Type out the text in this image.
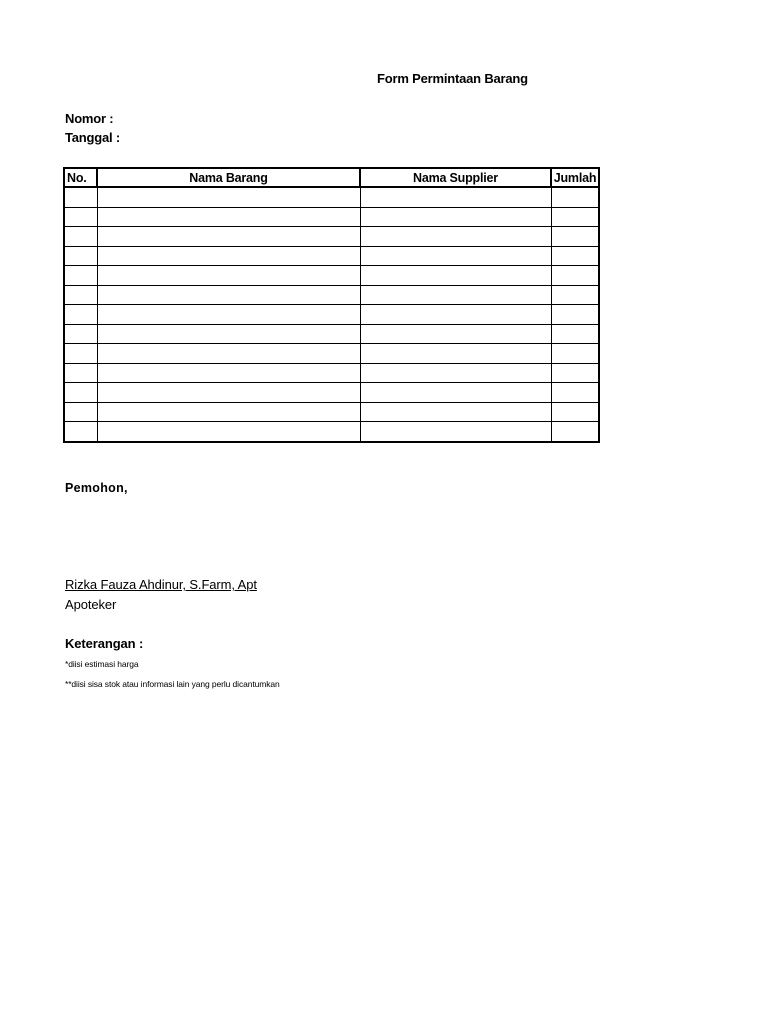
Form Permintaan Barang
Nomor :
Tanggal :
No.	Nama Barang	Nama Supplier	Jumlah

Pemohon,
Rizka Fauza Ahdinur, S.Farm, Apt
Apoteker
Keterangan :
*diisi estimasi harga
**diisi sisa stok atau informasi lain yang perlu dicantumkan
